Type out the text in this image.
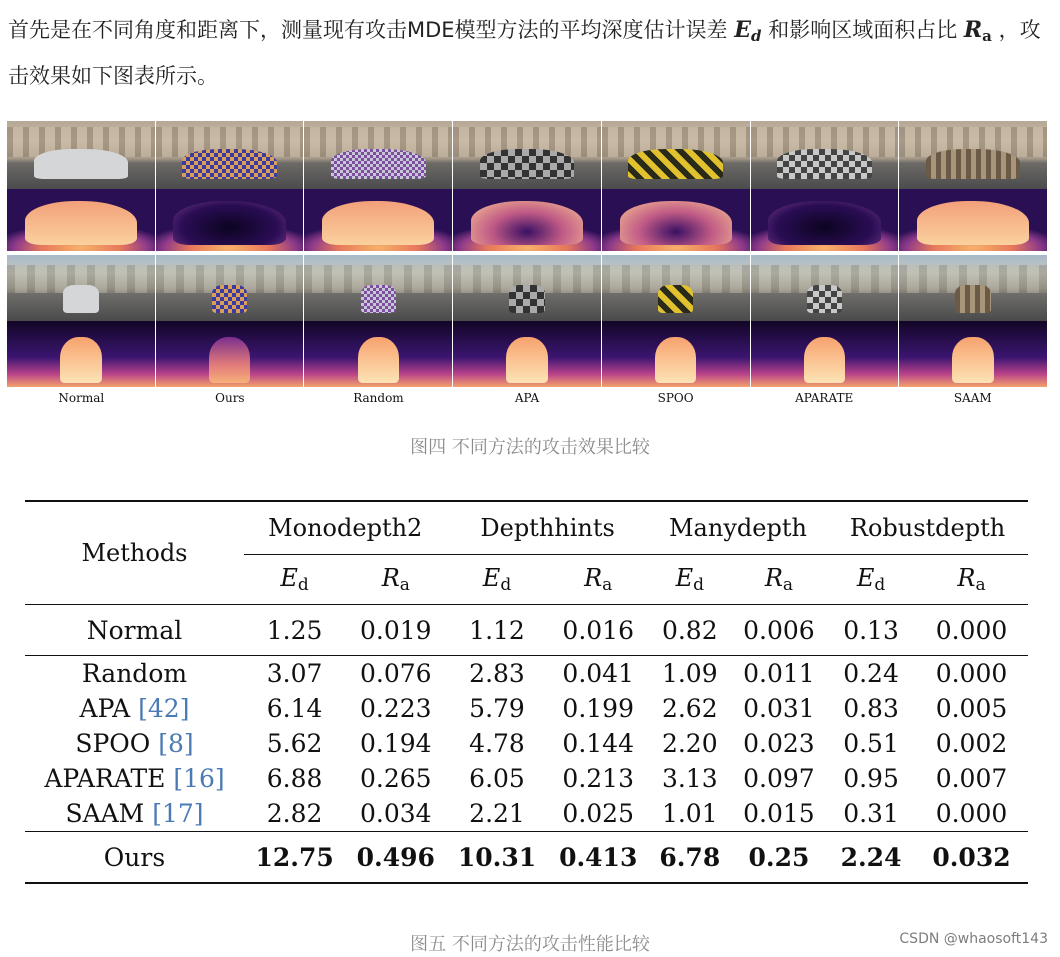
首先是在不同角度和距离下，测量现有攻击MDE模型方法的平均深度估计误差 Ed 和影响区域面积占比 Ra ，攻击效果如下图表所示。
Normal	Ours	Random	APA	SPOO	APARATE	SAAM
图四 不同方法的攻击效果比较
Methods	Monodepth2		Depthhints		Manydepth		Robustdepth	
	$E_d$	$R_a$	$E_d$	$R_a$	$E_d$	$R_a$	$E_d$	$R_a$
Normal	1.25	0.019	1.12	0.016	0.82	0.006	0.13	0.000
Random	3.07	0.076	2.83	0.041	1.09	0.011	0.24	0.000
APA [42]	6.14	0.223	5.79	0.199	2.62	0.031	0.83	0.005
SPOO [8]	5.62	0.194	4.78	0.144	2.20	0.023	0.51	0.002
APARATE [16]	6.88	0.265	6.05	0.213	3.13	0.097	0.95	0.007
SAAM [17]	2.82	0.034	2.21	0.025	1.01	0.015	0.31	0.000
Ours	12.75	0.496	10.31	0.413	6.78	0.25	2.24	0.032
图五 不同方法的攻击性能比较	CSDN @whaosoft143
